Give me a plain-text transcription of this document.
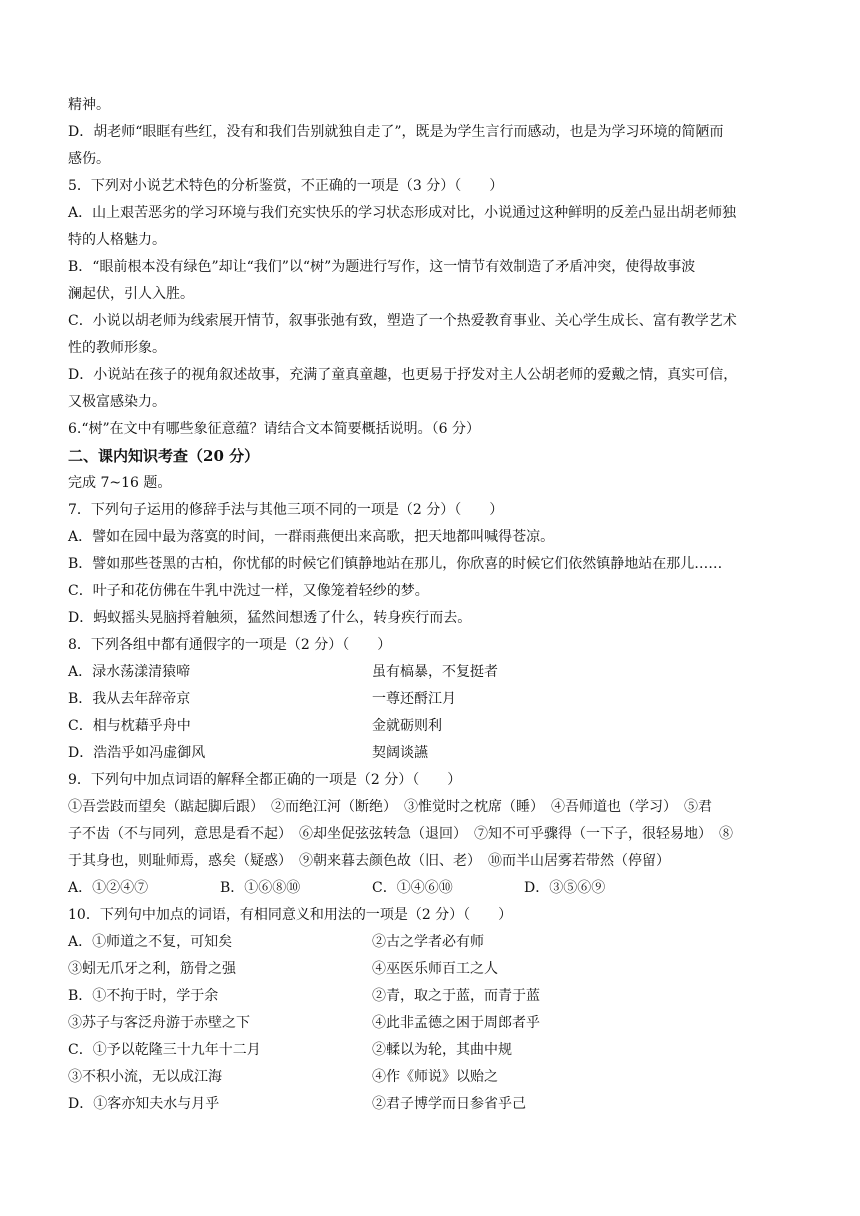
精神。
D．胡老师“眼眶有些红，没有和我们告别就独自走了”，既是为学生言行而感动，也是为学习环境的简陋而
感伤。
5．下列对小说艺术特色的分析鉴赏，不正确的一项是（3 分）（　　）
A．山上艰苦恶劣的学习环境与我们充实快乐的学习状态形成对比，小说通过这种鲜明的反差凸显出胡老师独
特的人格魅力。
B．“眼前根本没有绿色”却让“我们”以“树”为题进行写作，这一情节有效制造了矛盾冲突，使得故事波
澜起伏，引人入胜。
C．小说以胡老师为线索展开情节，叙事张弛有致，塑造了一个热爱教育事业、关心学生成长、富有教学艺术
性的教师形象。
D．小说站在孩子的视角叙述故事，充满了童真童趣，也更易于抒发对主人公胡老师的爱戴之情，真实可信，
又极富感染力。
6.“树”在文中有哪些象征意蕴？请结合文本简要概括说明。（6 分）
二、课内知识考查（20 分）
完成 7~16 题。
7．下列句子运用的修辞手法与其他三项不同的一项是（2 分）（　　）
A．譬如在园中最为落寞的时间，一群雨燕便出来高歌，把天地都叫喊得苍凉。
B．譬如那些苍黑的古柏，你忧郁的时候它们镇静地站在那儿，你欣喜的时候它们依然镇静地站在那儿……
C．叶子和花仿佛在牛乳中洗过一样，又像笼着轻纱的梦。
D．蚂蚁摇头晃脑捋着触须，猛然间想透了什么，转身疾行而去。
8．下列各组中都有通假字的一项是（2 分）（　　）
A．渌水荡漾清猿啼	虽有槁暴，不复挺者
B．我从去年辞帝京	一尊还酹江月
C．相与枕藉乎舟中	金就砺则利
D．浩浩乎如冯虚御风	契阔谈讌
9．下列句中加点词语的解释全都正确的一项是（2 分）（　　）
①吾尝跂而望矣（踮起脚后跟）　②而绝江河（断绝）　③惟觉时之枕席（睡）　④吾师道也（学习）　⑤君
子不齿（不与同列，意思是看不起）　⑥却坐促弦弦转急（退回）　⑦知不可乎骤得（一下子，很轻易地）　⑧
于其身也，则耻师焉，惑矣（疑惑）　⑨朝来暮去颜色故（旧、老）　⑩而半山居雾若带然（停留）
A．①②④⑦	B．①⑥⑧⑩	C．①④⑥⑩	D．③⑤⑥⑨
10．下列句中加点的词语，有相同意义和用法的一项是（2 分）（　　）
A．①师道之不复，可知矣	②古之学者必有师
③蚓无爪牙之利，筋骨之强	④巫医乐师百工之人
B．①不拘于时，学于余	②青，取之于蓝，而青于蓝
③苏子与客泛舟游于赤壁之下	④此非孟德之困于周郎者乎
C．①予以乾隆三十九年十二月	②輮以为轮，其曲中规
③不积小流，无以成江海	④作《师说》以贻之
D．①客亦知夫水与月乎	②君子博学而日参省乎己
